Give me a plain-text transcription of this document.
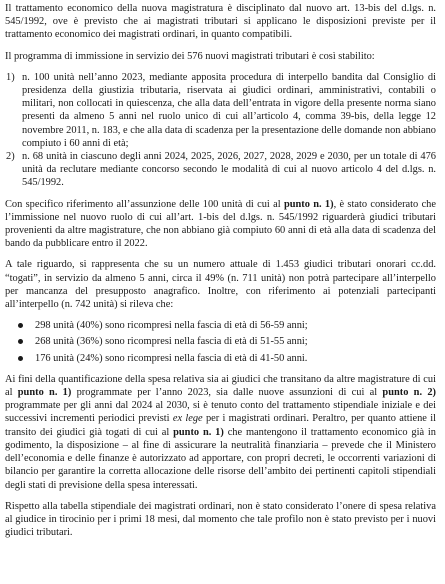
Il trattamento economico della nuova magistratura è disciplinato dal nuovo art. 13-bis del d.lgs. n. 545/1992, ove è previsto che ai magistrati tributari si applicano le disposizioni previste per il trattamento economico dei magistrati ordinari, in quanto compatibili.

Il programma di immissione in servizio dei 576 nuovi magistrati tributari è così stabilito:

1) n. 100 unità nell’anno 2023, mediante apposita procedura di interpello bandita dal Consiglio di presidenza della giustizia tributaria, riservata ai giudici ordinari, amministrativi, contabili o militari, non collocati in quiescenza, che alla data dell’entrata in vigore della presente norma siano presenti da almeno 5 anni nel ruolo unico di cui all’articolo 4, comma 39-bis, della legge 12 novembre 2011, n. 183, e che alla data di scadenza per la presentazione delle domande non abbiano compiuto i 60 anni di età;
2) n. 68 unità in ciascuno degli anni 2024, 2025, 2026, 2027, 2028, 2029 e 2030, per un totale di 476 unità da reclutare mediante concorso secondo le modalità di cui al nuovo articolo 4 del d.lgs. n. 545/1992.

Con specifico riferimento all’assunzione delle 100 unità di cui al punto n. 1), è stato considerato che l’immissione nel nuovo ruolo di cui all’art. 1-bis del d.lgs. n. 545/1992 riguarderà giudici tributari provenienti da altre magistrature, che non abbiano già compiuto 60 anni di età alla data di scadenza del bando da pubblicare entro il 2022.

A tale riguardo, si rappresenta che su un numero attuale di 1.453 giudici tributari onorari cc.dd. “togati”, in servizio da almeno 5 anni, circa il 49% (n. 711 unità) non potrà partecipare all’interpello per mancanza del presupposto anagrafico. Inoltre, con riferimento ai potenziali partecipanti all’interpello (n. 742 unità) si rileva che:

298 unità (40%) sono ricompresi nella fascia di età di 56-59 anni;
268 unità (36%) sono ricompresi nella fascia di età di 51-55 anni;
176 unità (24%) sono ricompresi nella fascia di età di 41-50 anni.

Ai fini della quantificazione della spesa relativa sia ai giudici che transitano da altre magistrature di cui al punto n. 1) programmate per l’anno 2023, sia dalle nuove assunzioni di cui al punto n. 2) programmate per gli anni dal 2024 al 2030, si è tenuto conto del trattamento stipendiale iniziale e dei successivi incrementi periodici previsti ex lege per i magistrati ordinari. Peraltro, per quanto attiene il transito dei giudici già togati di cui al punto n. 1) che mantengono il trattamento economico già in godimento, la disposizione – al fine di assicurare la neutralità finanziaria – prevede che il Ministero dell’economia e delle finanze è autorizzato ad apportare, con propri decreti, le occorrenti variazioni di bilancio per garantire la corretta allocazione delle risorse dell’ambito dei pertinenti capitoli stipendiali degli stati di previsione della spesa interessati.

Rispetto alla tabella stipendiale dei magistrati ordinari, non è stato considerato l’onere di spesa relativa al giudice in tirocinio per i primi 18 mesi, dal momento che tale profilo non è stato previsto per i nuovi giudici tributari.
